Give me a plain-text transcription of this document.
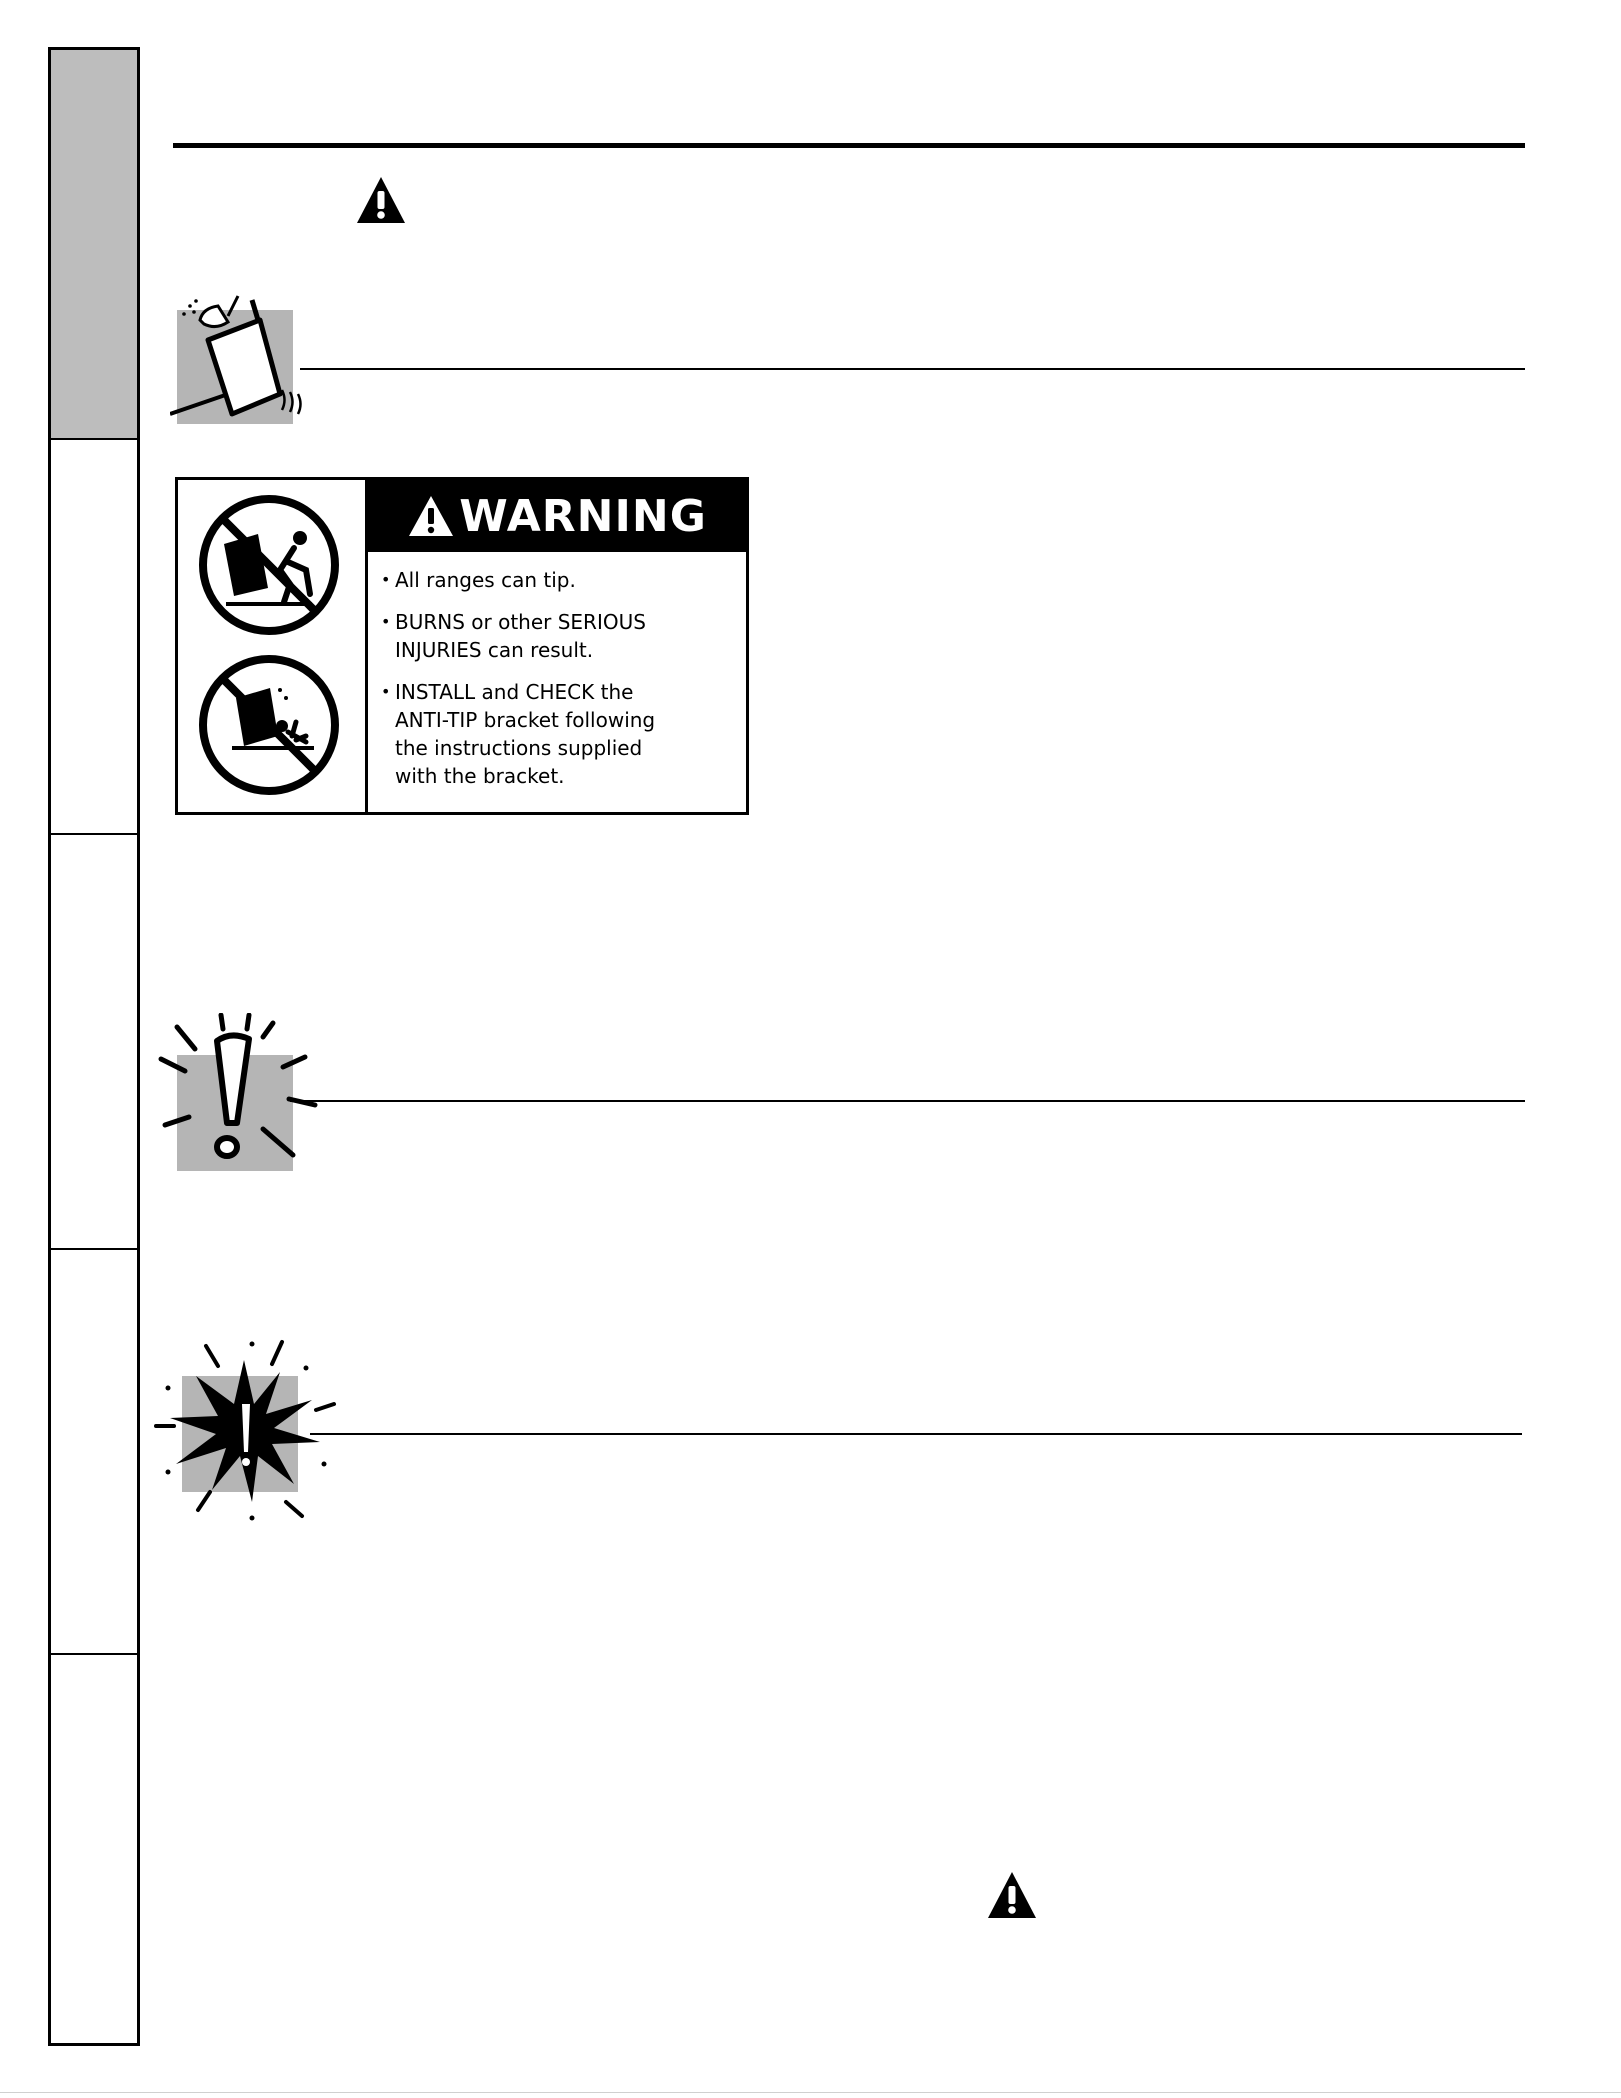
WARNING
• All ranges can tip.
• BURNS or other SERIOUS
INJURIES can result.
• INSTALL and CHECK the
ANTI-TIP bracket following
the instructions supplied
with the bracket.
